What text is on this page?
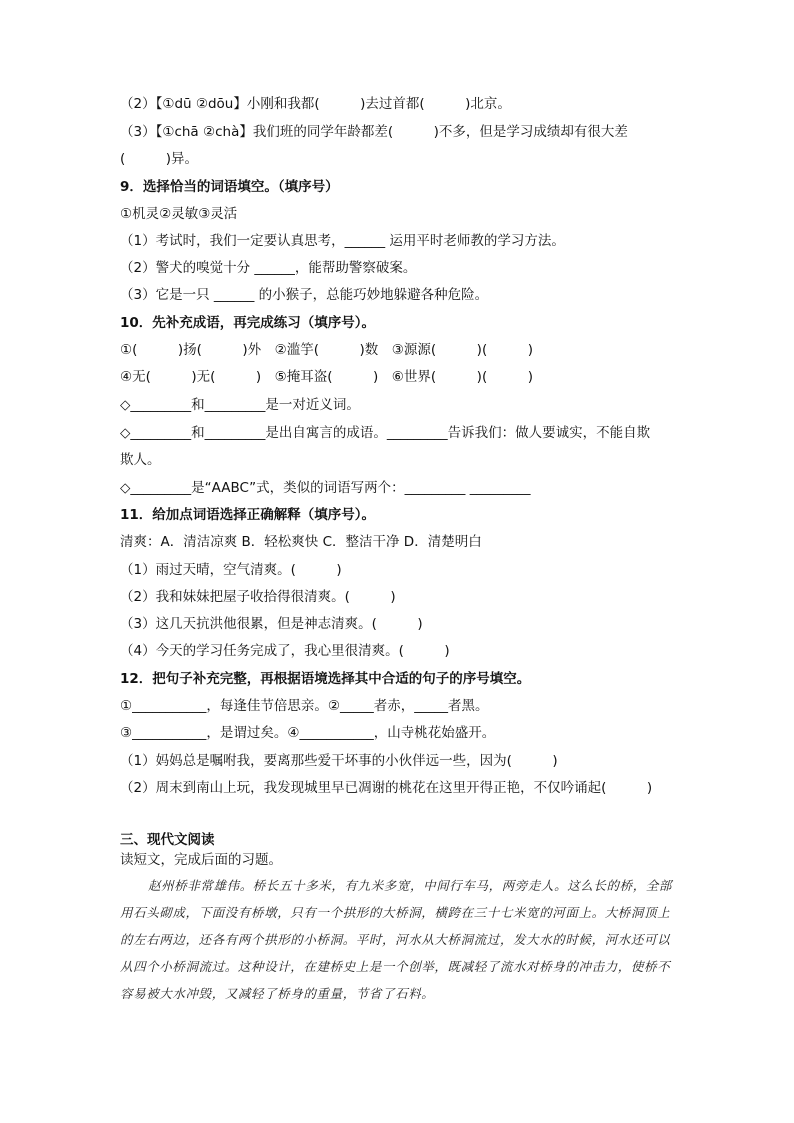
（2）【①dū ②dōu】小刚和我都(　　　)去过首都(　　　)北京。
（3）【①chā ②chà】我们班的同学年龄都差(　　　)不多，但是学习成绩却有很大差
(　　　)异。
9．选择恰当的词语填空。（填序号）
①机灵②灵敏③灵活
（1）考试时，我们一定要认真思考，______ 运用平时老师教的学习方法。
（2）警犬的嗅觉十分 ______，能帮助警察破案。
（3）它是一只 ______ 的小猴子，总能巧妙地躲避各种危险。
10．先补充成语，再完成练习（填序号）。
①(　　　)扬(　　　)外　②滥竽(　　　)数　③源源(　　　)(　　　)
④无(　　　)无(　　　)　⑤掩耳盗(　　　)　⑥世界(　　　)(　　　)
◇_________和_________是一对近义词。
◇_________和_________是出自寓言的成语。_________告诉我们：做人要诚实，不能自欺
欺人。
◇_________是“AABC”式，类似的词语写两个：_________ _________
11．给加点词语选择正确解释（填序号）。
清爽：A．清洁凉爽 B．轻松爽快 C．整洁干净 D．清楚明白
（1）雨过天晴，空气清爽。(　　　)
（2）我和妹妹把屋子收拾得很清爽。(　　　)
（3）这几天抗洪他很累，但是神志清爽。(　　　)
（4）今天的学习任务完成了，我心里很清爽。(　　　)
12．把句子补充完整，再根据语境选择其中合适的句子的序号填空。
①___________，每逢佳节倍思亲。②_____者赤，_____者黑。
③___________，是谓过矣。④___________，山寺桃花始盛开。
（1）妈妈总是嘱咐我，要离那些爱干坏事的小伙伴远一些，因为(　　　)
（2）周末到南山上玩，我发现城里早已凋谢的桃花在这里开得正艳，不仅吟诵起(　　　)
三、现代文阅读
读短文，完成后面的习题。
赵州桥非常雄伟。桥长五十多米，有九米多宽，中间行车马，两旁走人。这么长的桥，全部用石头砌成，下面没有桥墩，只有一个拱形的大桥洞，横跨在三十七米宽的河面上。大桥洞顶上的左右两边，还各有两个拱形的小桥洞。平时，河水从大桥洞流过，发大水的时候，河水还可以从四个小桥洞流过。这种设计，在建桥史上是一个创举，既减轻了流水对桥身的冲击力，使桥不容易被大水冲毁，又减轻了桥身的重量，节省了石料。
